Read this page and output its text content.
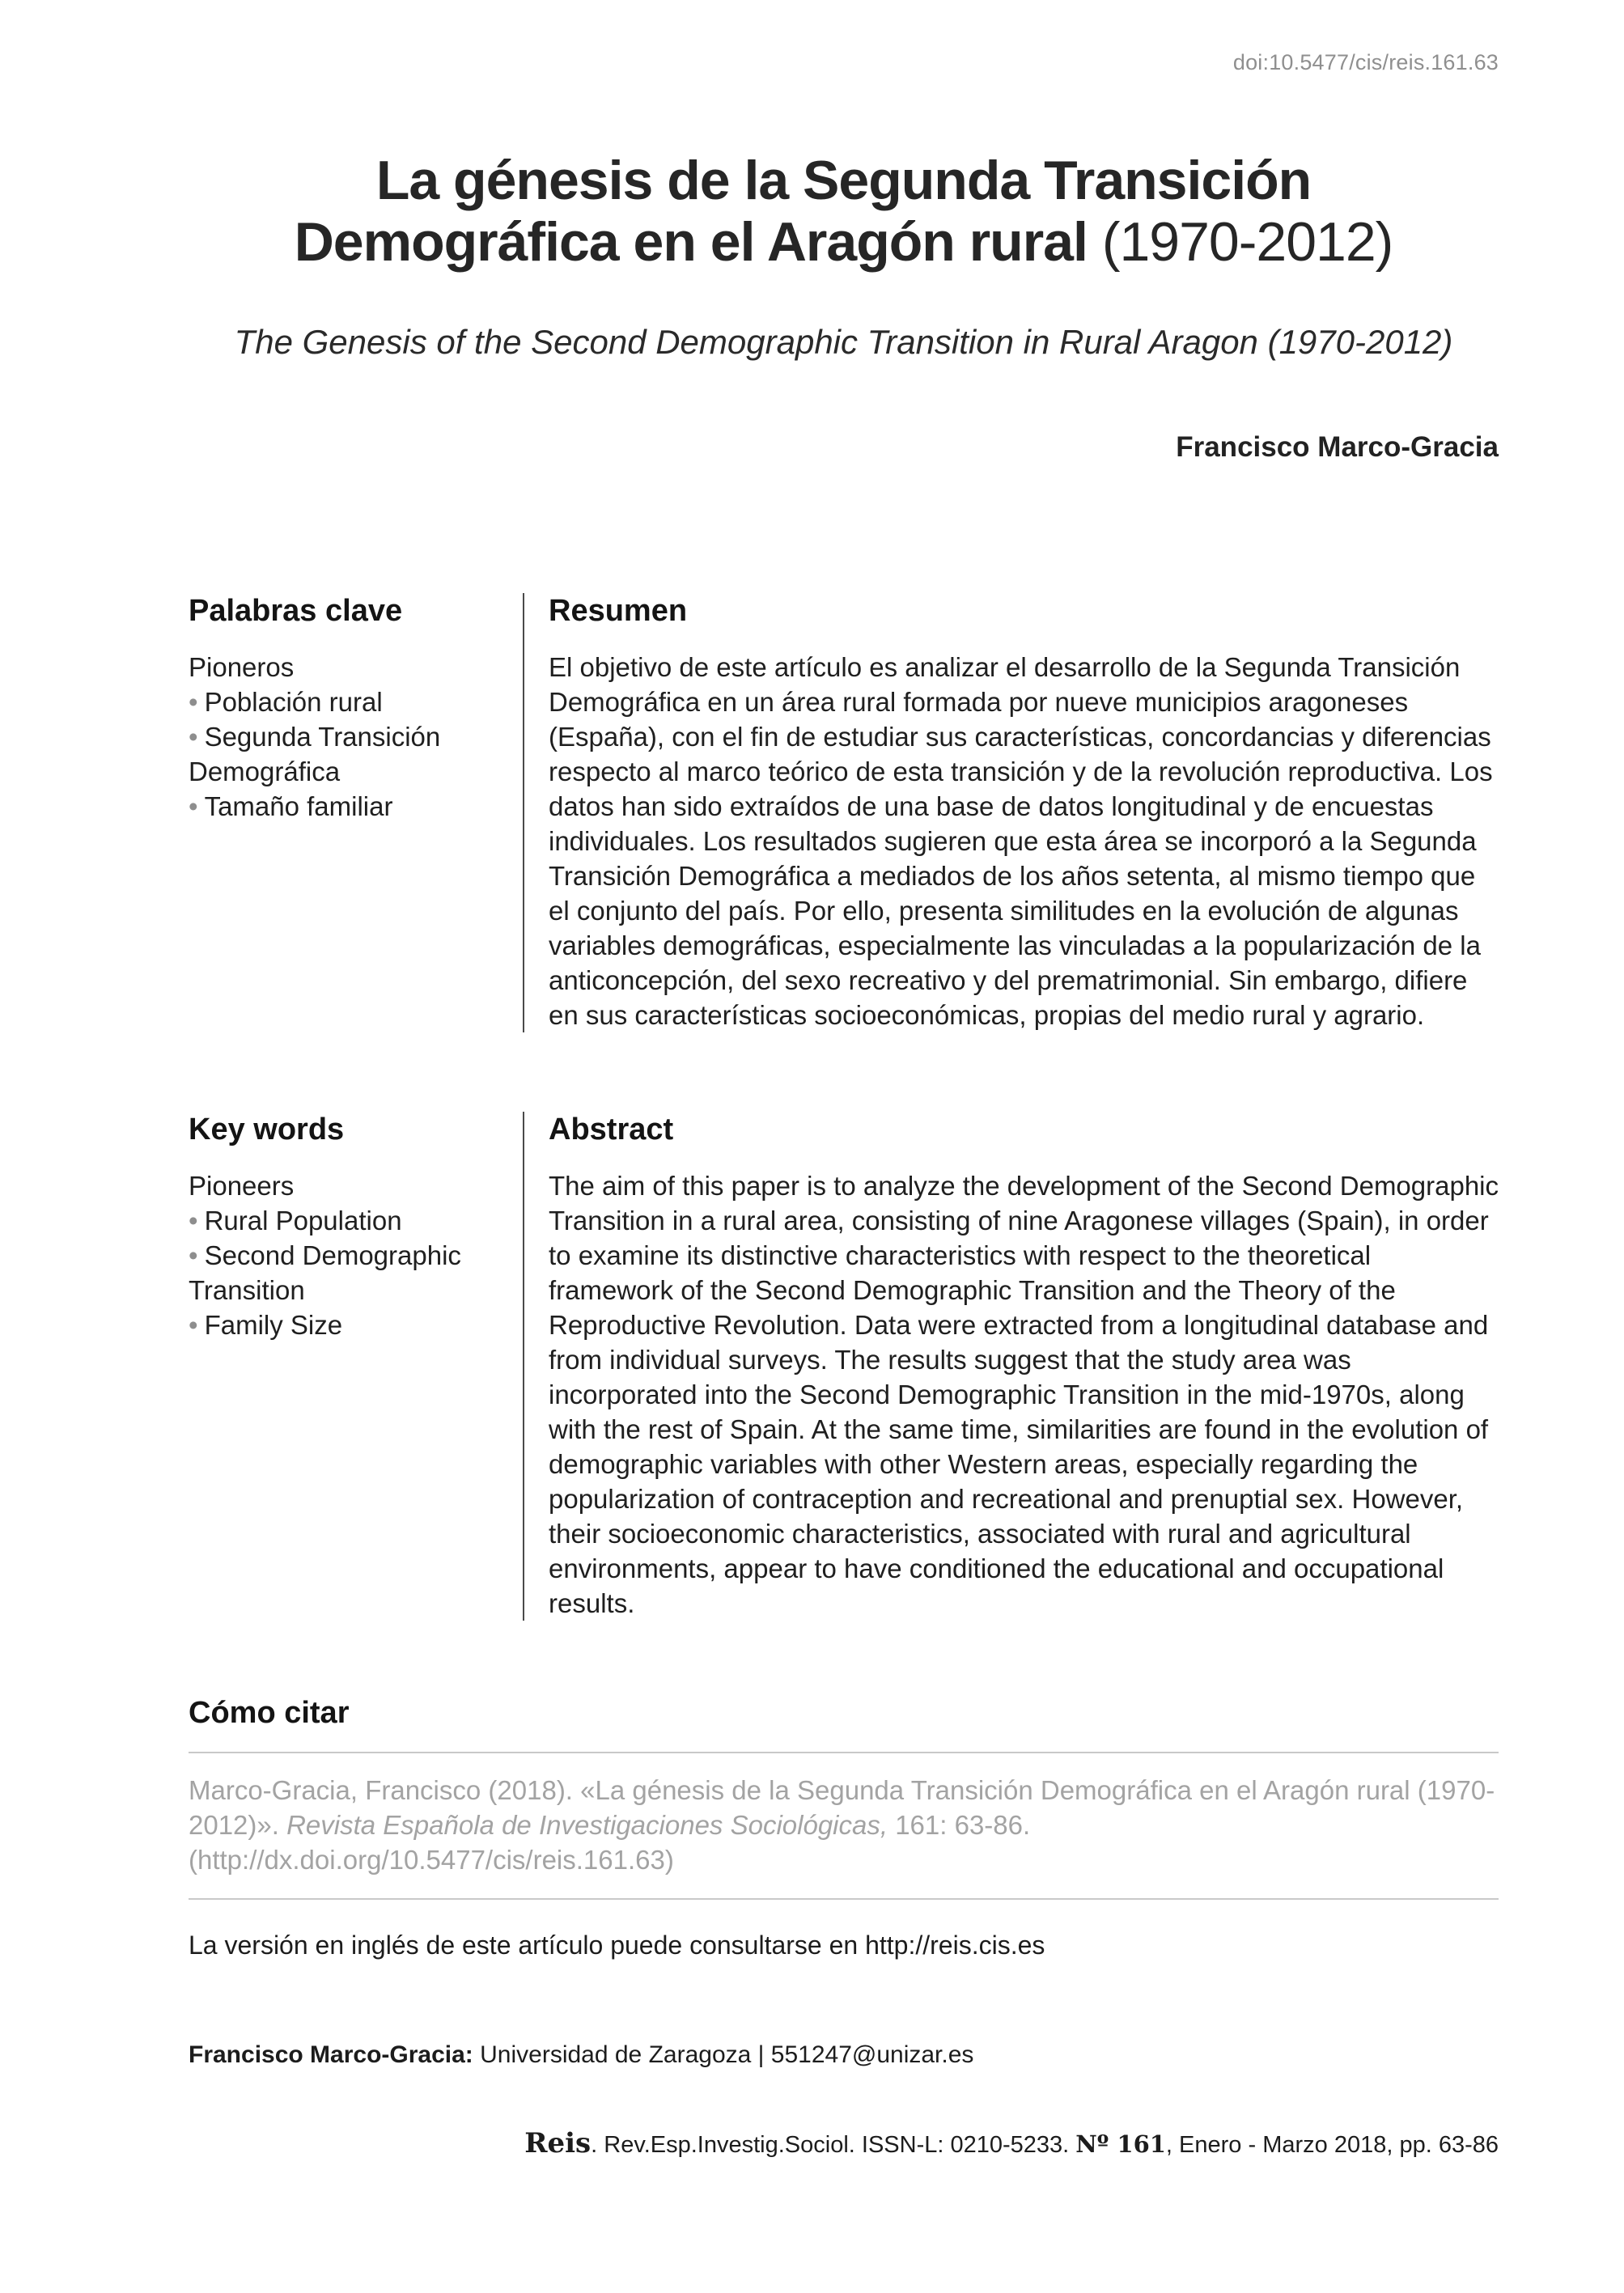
doi:10.5477/cis/reis.161.63
La génesis de la Segunda Transición
Demográfica en el Aragón rural (1970-2012)
The Genesis of the Second Demographic Transition in Rural Aragon (1970-2012)
Francisco Marco-Gracia
Palabras clave
Pioneros
• Población rural
• Segunda Transición Demográfica
• Tamaño familiar
Resumen

El objetivo de este artículo es analizar el desarrollo de la Segunda Transición Demográfica en un área rural formada por nueve municipios aragoneses (España), con el fin de estudiar sus características, concordancias y diferencias respecto al marco teórico de esta transición y de la revolución reproductiva. Los datos han sido extraídos de una base de datos longitudinal y de encuestas individuales. Los resultados sugieren que esta área se incorporó a la Segunda Transición Demográfica a mediados de los años setenta, al mismo tiempo que el conjunto del país. Por ello, presenta similitudes en la evolución de algunas variables demográficas, especialmente las vinculadas a la popularización de la anticoncepción, del sexo recreativo y del prematrimonial. Sin embargo, difiere en sus características socioeconómicas, propias del medio rural y agrario.

Key words
Pioneers
• Rural Population
• Second Demographic Transition
• Family Size
Abstract

The aim of this paper is to analyze the development of the Second Demographic Transition in a rural area, consisting of nine Aragonese villages (Spain), in order to examine its distinctive characteristics with respect to the theoretical framework of the Second Demographic Transition and the Theory of the Reproductive Revolution. Data were extracted from a longitudinal database and from individual surveys. The results suggest that the study area was incorporated into the Second Demographic Transition in the mid-1970s, along with the rest of Spain. At the same time, similarities are found in the evolution of demographic variables with other Western areas, especially regarding the popularization of contraception and recreational and prenuptial sex. However, their socioeconomic characteristics, associated with rural and agricultural environments, appear to have conditioned the educational and occupational results.

Cómo citar

Marco-Gracia, Francisco (2018). «La génesis de la Segunda Transición Demográfica en el Aragón rural (1970-2012)». Revista Española de Investigaciones Sociológicas, 161: 63-86. (http://dx.doi.org/10.5477/cis/reis.161.63)

La versión en inglés de este artículo puede consultarse en http://reis.cis.es

Francisco Marco-Gracia: Universidad de Zaragoza | 551247@unizar.es
Reis. Rev.Esp.Investig.Sociol. ISSN-L: 0210-5233. Nº 161, Enero - Marzo 2018, pp. 63-86
